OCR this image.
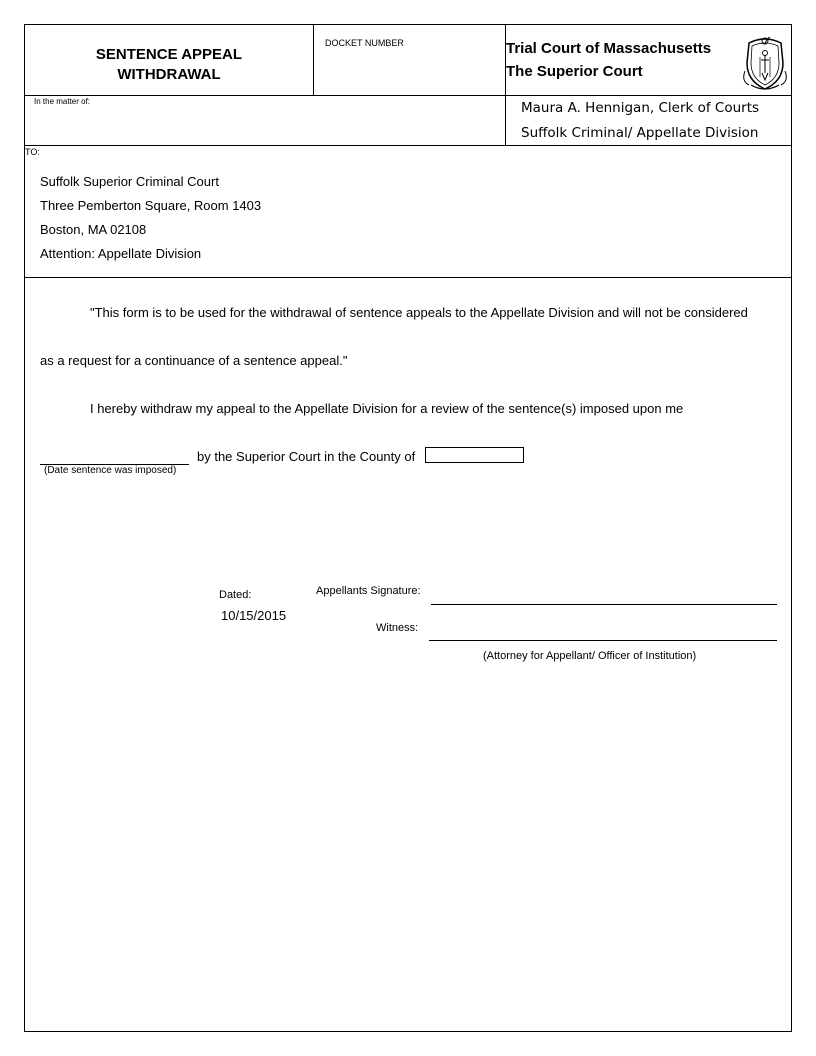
SENTENCE APPEAL
WITHDRAWAL
DOCKET NUMBER	Trial Court of Massachusetts
The Superior Court
In the matter of:	Maura A. Hennigan, Clerk of Courts
Suffolk Criminal/ Appellate Division
TO:
Suffolk Superior Criminal Court
Three Pemberton Square, Room 1403
Boston, MA 02108
Attention: Appellate Division
"This form is to be used for the withdrawal of sentence appeals to the Appellate Division and will not be considered
as a request for a continuance of a sentence appeal."
I hereby withdraw my appeal to the Appellate Division for a review of the sentence(s) imposed upon me
(Date sentence was imposed)
by the Superior Court in the County of
Dated:
10/15/2015
Appellants Signature:
Witness:
(Attorney for Appellant/ Officer of Institution)
